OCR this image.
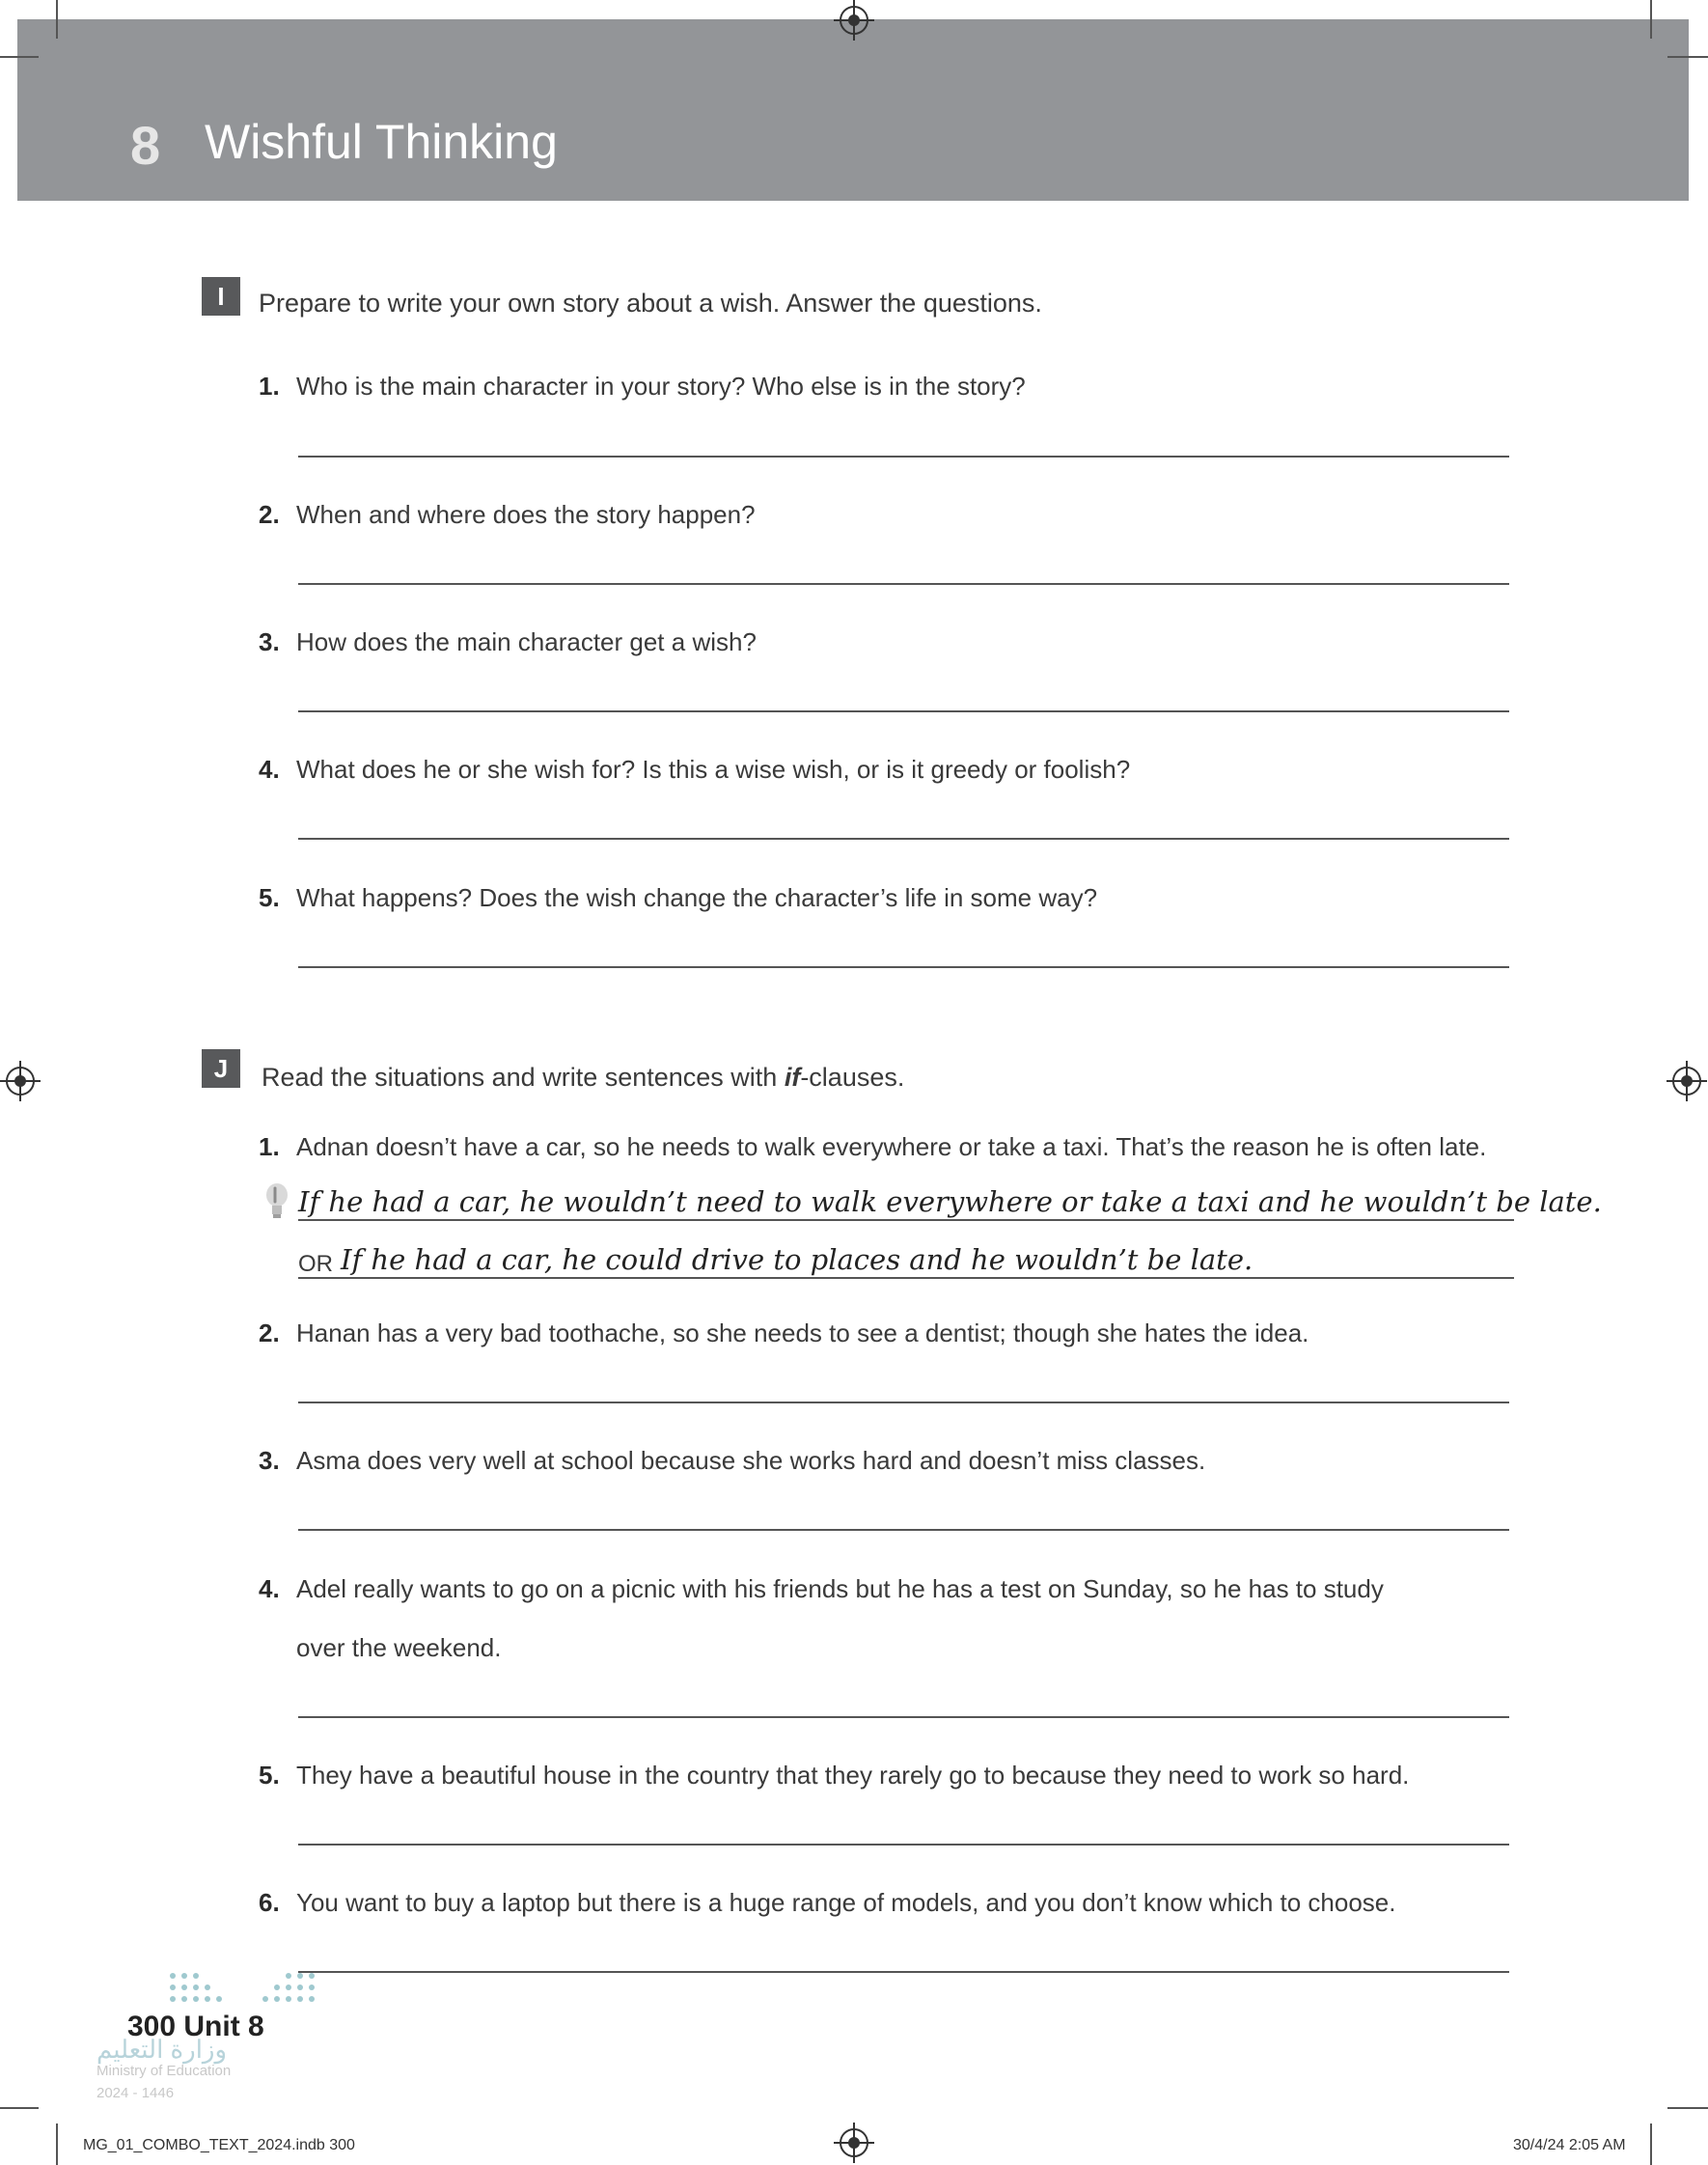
8 Wishful Thinking
I	Prepare to write your own story about a wish. Answer the questions.
1. Who is the main character in your story? Who else is in the story?
2. When and where does the story happen?
3. How does the main character get a wish?
4. What does he or she wish for? Is this a wise wish, or is it greedy or foolish?
5. What happens? Does the wish change the character’s life in some way?
J	Read the situations and write sentences with if-clauses.
1. Adnan doesn’t have a car, so he needs to walk everywhere or take a taxi. That’s the reason he is often late.
If he had a car, he wouldn’t need to walk everywhere or take a taxi and he wouldn’t be late.
OR If he had a car, he could drive to places and he wouldn’t be late.
2. Hanan has a very bad toothache, so she needs to see a dentist; though she hates the idea.
3. Asma does very well at school because she works hard and doesn’t miss classes.
4. Adel really wants to go on a picnic with his friends but he has a test on Sunday, so he has to study
over the weekend.
5. They have a beautiful house in the country that they rarely go to because they need to work so hard.
6. You want to buy a laptop but there is a huge range of models, and you don’t know which to choose.
300 Unit 8
وزارة التعليم
Ministry of Education
2024 - 1446
MG_01_COMBO_TEXT_2024.indb 300	30/4/24 2:05 AM
